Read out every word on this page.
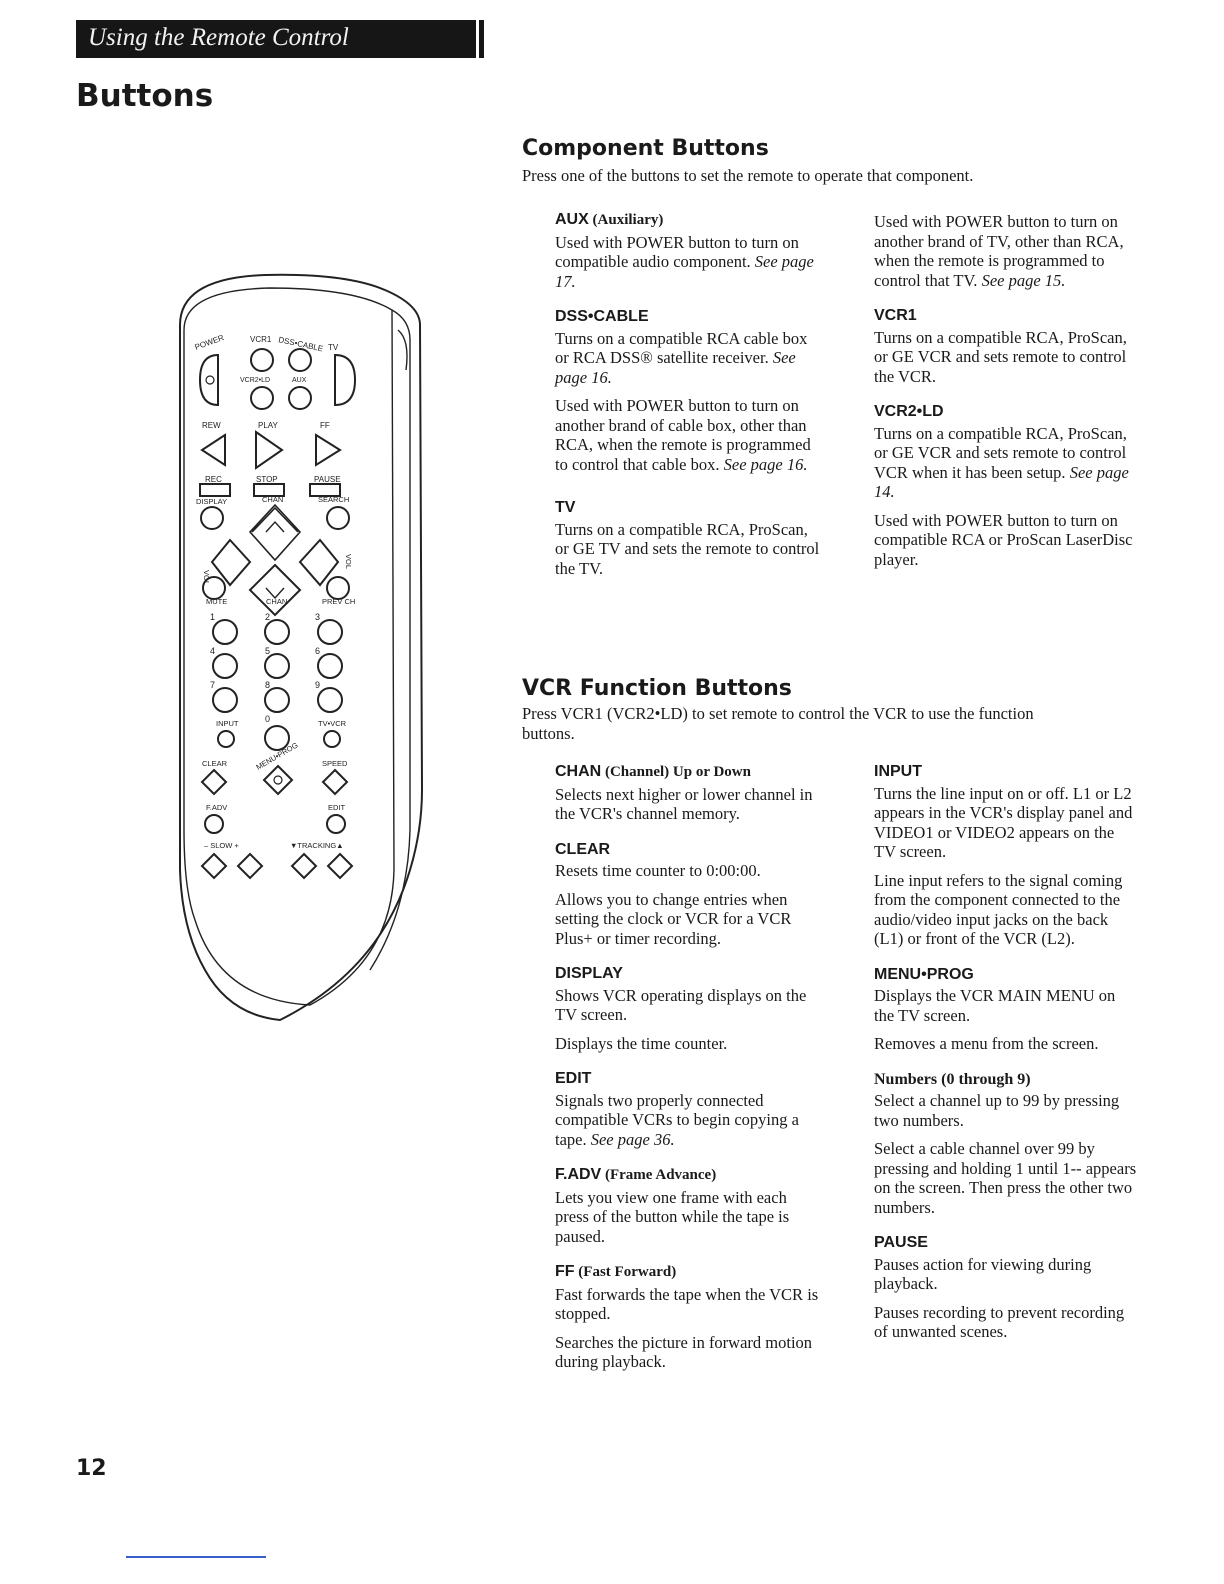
Using the Remote Control
Buttons
POWER	VCR1 DSS•CABLE TV
VCR2•LD	AUX
REW	PLAY	FF
REC	STOP	PAUSE
DISPLAY	CHAN	SEARCH
VOL
VOL
MUTE	CHAN	PREV CH
1	2	3
4	5	6
7	8	9
0
INPUT	TV•VCR
CLEAR	MENU•PROG	SPEED
F.ADV	EDIT
– SLOW +	▼TRACKING▲
Component Buttons

Press one of the buttons to set the remote to operate that component.

AUX (Auxiliary)

Used with POWER button to turn on compatible audio component. See page 17.

DSS•CABLE

Turns on a compatible RCA cable box or RCA DSS® satellite receiver. See page 16.

Used with POWER button to turn on another brand of cable box, other than RCA, when the remote is programmed to control that cable box. See page 16.

TV

Turns on a compatible RCA, ProScan, or GE TV and sets the remote to control the TV.

Used with POWER button to turn on another brand of TV, other than RCA, when the remote is programmed to control that TV. See page 15.

VCR1

Turns on a compatible RCA, ProScan, or GE VCR and sets remote to control the VCR.

VCR2•LD

Turns on a compatible RCA, ProScan, or GE VCR and sets remote to control VCR when it has been setup. See page 14.

Used with POWER button to turn on compatible RCA or ProScan LaserDisc player.

VCR Function Buttons

Press VCR1 (VCR2•LD) to set remote to control the VCR to use the function buttons.

CHAN (Channel) Up or Down

Selects next higher or lower channel in the VCR's channel memory.

CLEAR

Resets time counter to 0:00:00.

Allows you to change entries when setting the clock or VCR for a VCR Plus+ or timer recording.

DISPLAY

Shows VCR operating displays on the TV screen.

Displays the time counter.

EDIT

Signals two properly connected compatible VCRs to begin copying a tape. See page 36.

F.ADV (Frame Advance)

Lets you view one frame with each press of the button while the tape is paused.

FF (Fast Forward)

Fast forwards the tape when the VCR is stopped.

Searches the picture in forward motion during playback.

INPUT

Turns the line input on or off. L1 or L2 appears in the VCR's display panel and VIDEO1 or VIDEO2 appears on the TV screen.

Line input refers to the signal coming from the component connected to the audio/video input jacks on the back (L1) or front of the VCR (L2).

MENU•PROG

Displays the VCR MAIN MENU on the TV screen.

Removes a menu from the screen.

Numbers (0 through 9)

Select a channel up to 99 by pressing two numbers.

Select a cable channel over 99 by pressing and holding 1 until 1-- appears on the screen. Then press the other two numbers.

PAUSE

Pauses action for viewing during playback.

Pauses recording to prevent recording of unwanted scenes.

12
